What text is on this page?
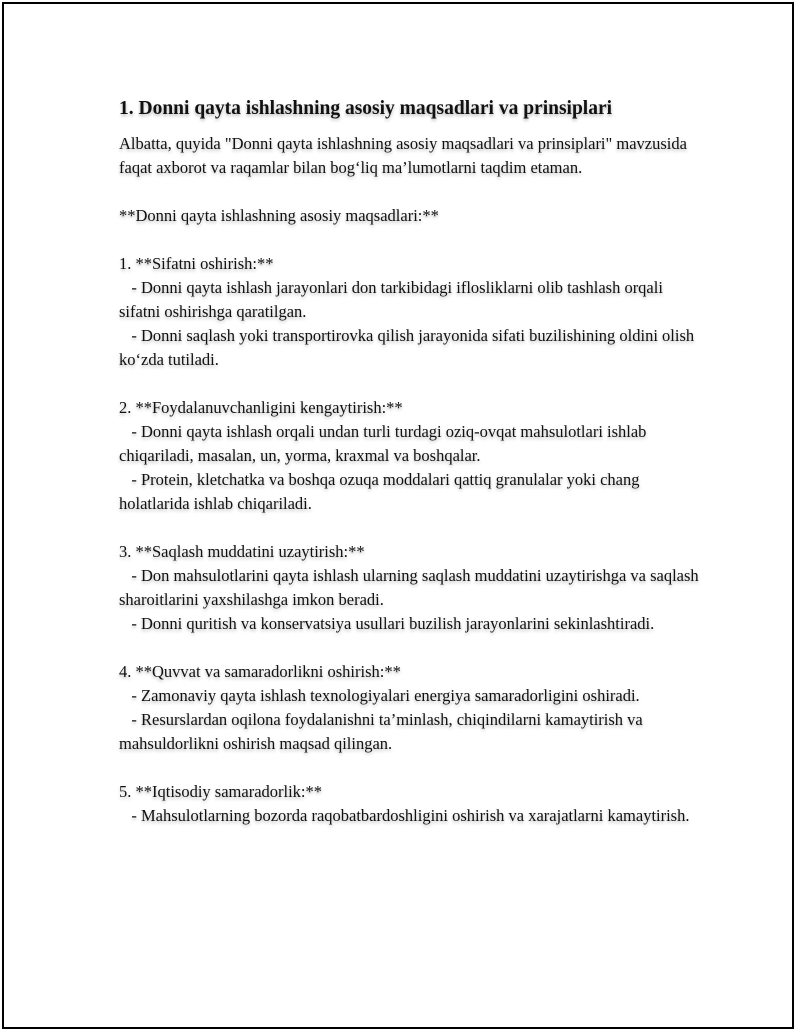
1. Donni qayta ishlashning asosiy maqsadlari va prinsiplari

Albatta, quyida "Donni qayta ishlashning asosiy maqsadlari va prinsiplari" mavzusida faqat axborot va raqamlar bilan bog‘liq ma’lumotlarni taqdim etaman.

**Donni qayta ishlashning asosiy maqsadlari:**

1. **Sifatni oshirish:**

- Donni qayta ishlash jarayonlari don tarkibidagi iflosliklarni olib tashlash orqali sifatni oshirishga qaratilgan.

- Donni saqlash yoki transportirovka qilish jarayonida sifati buzilishining oldini olish ko‘zda tutiladi.

2. **Foydalanuvchanligini kengaytirish:**

- Donni qayta ishlash orqali undan turli turdagi oziq-ovqat mahsulotlari ishlab chiqariladi, masalan, un, yorma, kraxmal va boshqalar.

- Protein, kletchatka va boshqa ozuqa moddalari qattiq granulalar yoki chang holatlarida ishlab chiqariladi.

3. **Saqlash muddatini uzaytirish:**

- Don mahsulotlarini qayta ishlash ularning saqlash muddatini uzaytirishga va saqlash sharoitlarini yaxshilashga imkon beradi.

- Donni quritish va konservatsiya usullari buzilish jarayonlarini sekinlashtiradi.

4. **Quvvat va samaradorlikni oshirish:**

- Zamonaviy qayta ishlash texnologiyalari energiya samaradorligini oshiradi.

- Resurslardan oqilona foydalanishni ta’minlash, chiqindilarni kamaytirish va mahsuldorlikni oshirish maqsad qilingan.

5. **Iqtisodiy samaradorlik:**

- Mahsulotlarning bozorda raqobatbardoshligini oshirish va xarajatlarni kamaytirish.
